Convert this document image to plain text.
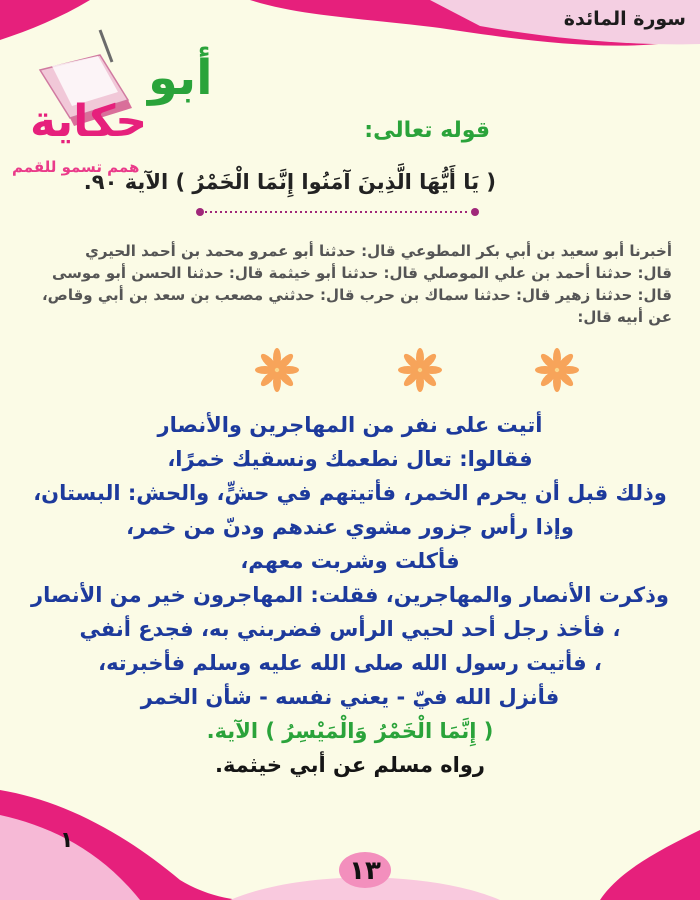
سورة المائدة
أبو
حكاية
همم تسمو للقمم
قوله تعالى:
( يَا أَيُّهَا الَّذِينَ آمَنُوا إِنَّمَا الْخَمْرُ ) الآية ٩٠.
أخبرنا أبو سعيد بن أبي بكر المطوعي قال: حدثنا أبو عمرو محمد بن أحمد الحيري
قال: حدثنا أحمد بن علي الموصلي قال: حدثنا أبو خيثمة قال: حدثنا الحسن أبو موسى
قال: حدثنا زهير قال: حدثنا سماك بن حرب قال: حدثني مصعب بن سعد بن أبي وقاص،
عن أبيه قال:
أتيت على نفر من المهاجرين والأنصار
فقالوا: تعال نطعمك ونسقيك خمرًا،
وذلك قبل أن يحرم الخمر، فأتيتهم في حشٍّ، والحش: البستان،
وإذا رأس جزور مشوي عندهم ودنّ من خمر،
فأكلت وشربت معهم،
وذكرت الأنصار والمهاجرين، فقلت: المهاجرون خير من الأنصار
، فأخذ رجل أحد لحيي الرأس فضربني به، فجدع أنفي
، فأتيت رسول الله صلى الله عليه وسلم فأخبرته،
فأنزل الله فيّ - يعني نفسه - شأن الخمر
( إِنَّمَا الْخَمْرُ وَالْمَيْسِرُ ) الآية.
رواه مسلم عن أبي خيثمة.
١
١٣
